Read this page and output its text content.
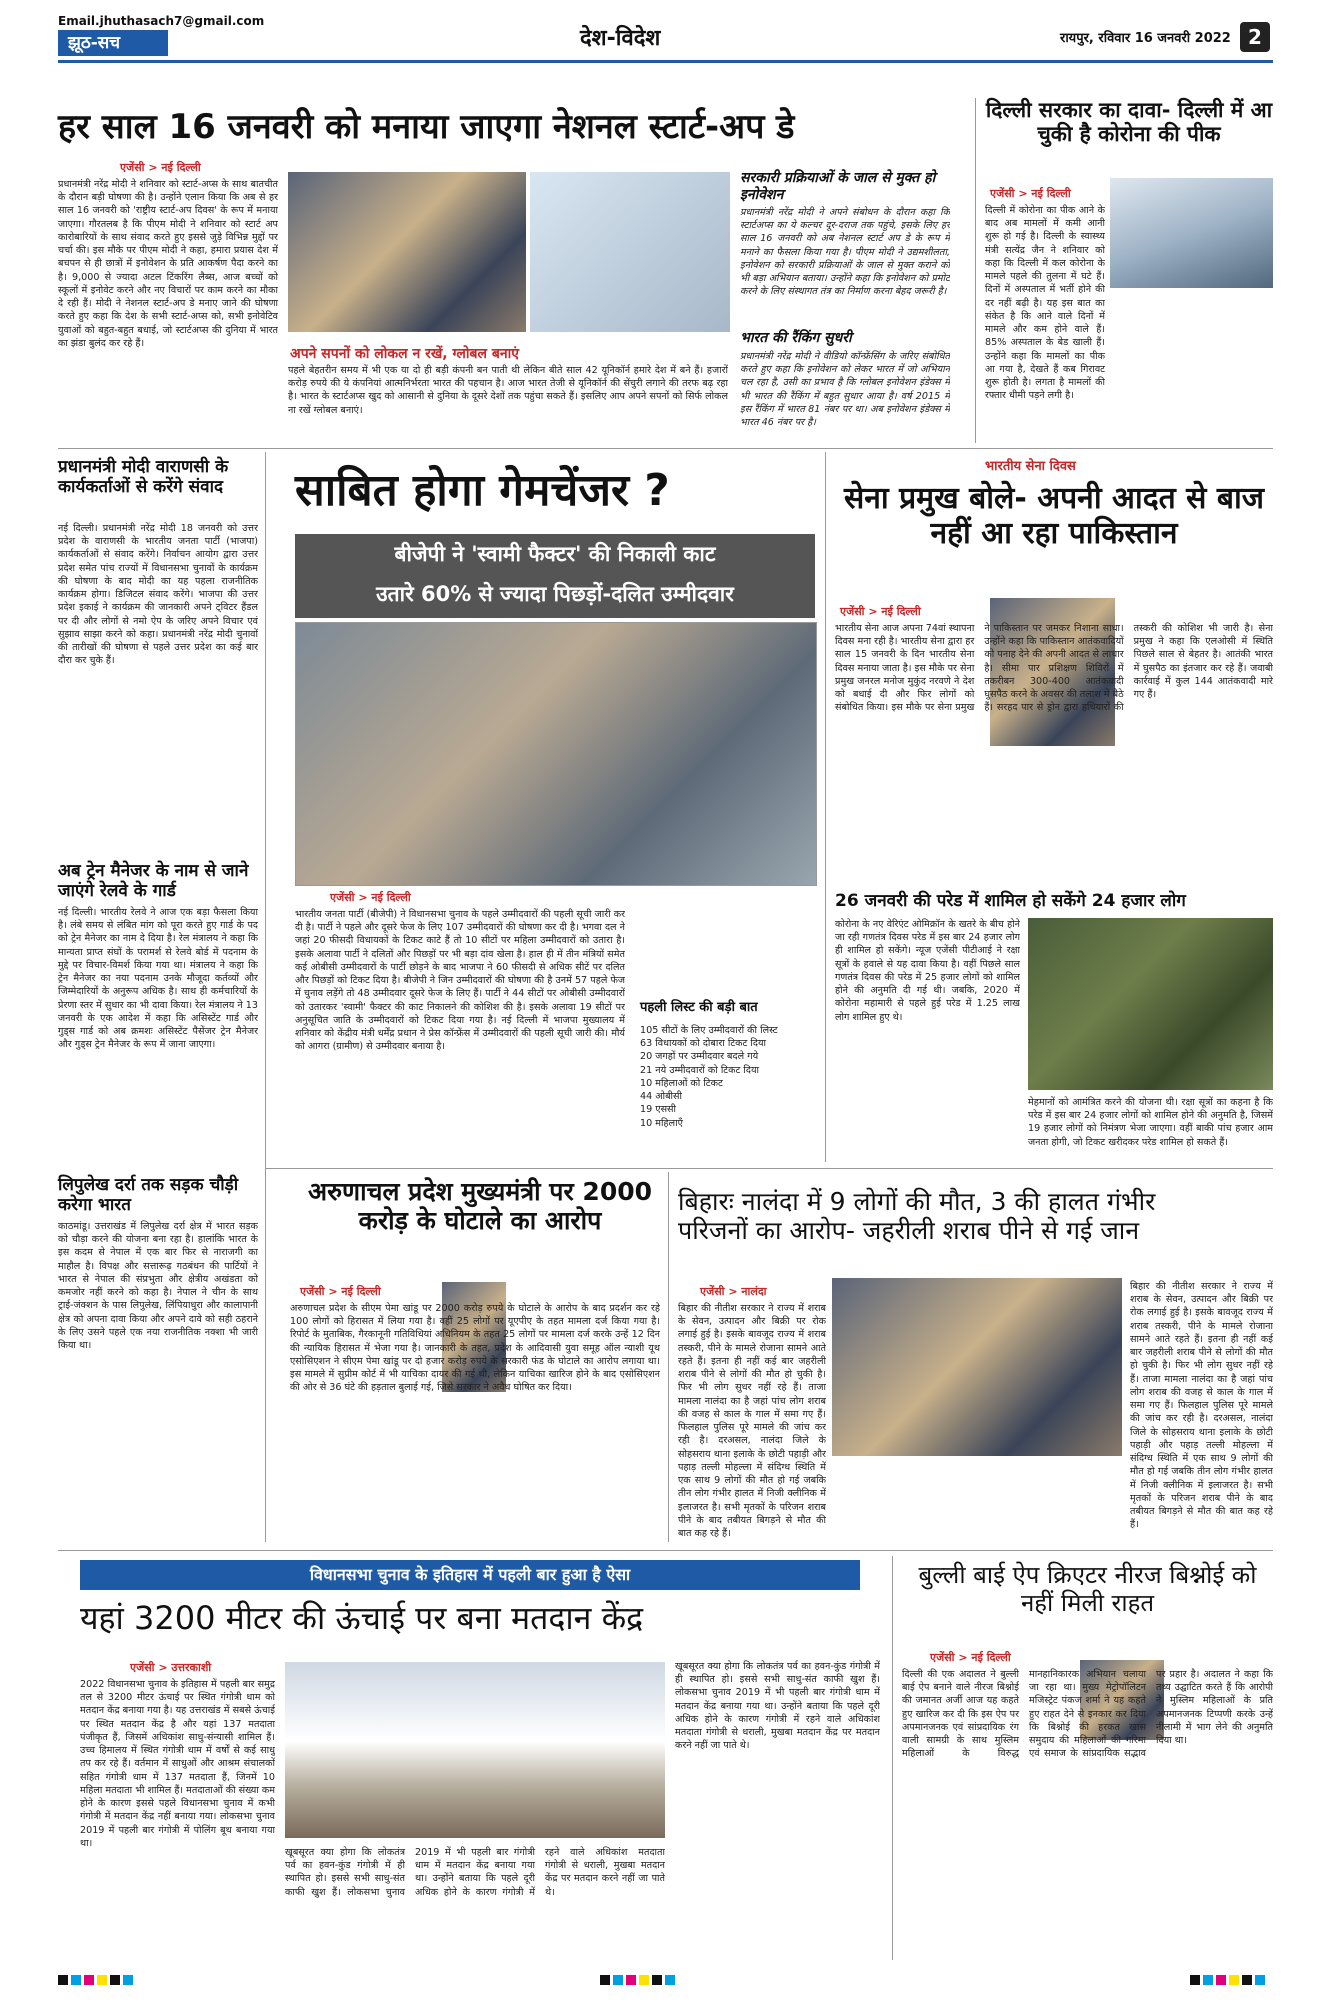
Email.jhuthasach7@gmail.com
झूठ-सच	देश-विदेश	रायपुर, रविवार 16 जनवरी 2022 2
हर साल 16 जनवरी को मनाया जाएगा नेशनल स्टार्ट-अप डे
एजेंसी > नई दिल्ली
प्रधानमंत्री नरेंद्र मोदी ने शनिवार को स्टार्ट-अप्स के साथ बातचीत के दौरान बड़ी घोषणा की है। उन्होंने एलान किया कि अब से हर साल 16 जनवरी को 'राष्ट्रीय स्टार्ट-अप दिवस' के रूप में मनाया जाएगा। गौरतलब है कि पीएम मोदी ने शनिवार को स्टार्ट अप कारोबारियों के साथ संवाद करते हुए इससे जुड़े विभिन्न मुद्दों पर चर्चा की। इस मौके पर पीएम मोदी ने कहा, हमारा प्रयास देश में बचपन से ही छात्रों में इनोवेशन के प्रति आकर्षण पैदा करने का है। 9,000 से ज्यादा अटल टिंकरिंग लैब्स, आज बच्चों को स्कूलों में इनोवेट करने और नए विचारों पर काम करने का मौका दे रही हैं। मोदी ने नेशनल स्टार्ट-अप डे मनाए जाने की घोषणा करते हुए कहा कि देश के सभी स्टार्ट-अप्स को, सभी इनोवेटिव युवाओं को बहुत-बहुत बधाई, जो स्टार्टअप्स की दुनिया में भारत का झंडा बुलंद कर रहे हैं।
अपने सपनों को लोकल न रखें, ग्लोबल बनाएं
पहले बेहतरीन समय में भी एक या दो ही बड़ी कंपनी बन पाती थी लेकिन बीते साल 42 यूनिकॉर्न हमारे देश में बने हैं। हजारों करोड़ रुपये की ये कंपनियां आत्मनिर्भरता भारत की पहचान है। आज भारत तेजी से यूनिकॉर्न की सेंचुरी लगाने की तरफ बढ़ रहा है। भारत के स्टार्टअप्स खुद को आसानी से दुनिया के दूसरे देशों तक पहुंचा सकते हैं। इसलिए आप अपने सपनों को सिर्फ लोकल ना रखें ग्लोबल बनाएं।
सरकारी प्रक्रियाओं के जाल से मुक्त हो इनोवेशन
प्रधानमंत्री नरेंद्र मोदी ने अपने संबोधन के दौरान कहा कि स्टार्टअप्स का ये कल्चर दूर-दराज तक पहुंचे, इसके लिए हर साल 16 जनवरी को अब नेशनल स्टार्ट अप डे के रूप में मनाने का फैसला किया गया है। पीएम मोदी ने उद्यमशीलता, इनोवेशन को सरकारी प्रक्रियाओं के जाल से मुक्त कराने को भी बड़ा अभियान बताया। उन्होंने कहा कि इनोवेशन को प्रमोट करने के लिए संस्थागत तंत्र का निर्माण करना बेहद जरूरी है।
भारत की रैंकिंग सुधरी
प्रधानमंत्री नरेंद्र मोदी ने वीडियो कॉन्फ्रेंसिंग के जरिए संबोधित करते हुए कहा कि इनोवेशन को लेकर भारत में जो अभियान चल रहा है, उसी का प्रभाव है कि ग्लोबल इनोवेशन इंडेक्स में भी भारत की रैंकिंग में बहुत सुधार आया है। वर्ष 2015 में इस रैंकिंग में भारत 81 नंबर पर था। अब इनोवेशन इंडेक्स में भारत 46 नंबर पर है।
दिल्ली सरकार का दावा- दिल्ली में आ चुकी है कोरोना की पीक
एजेंसी > नई दिल्ली
दिल्ली में कोरोना का पीक आने के बाद अब मामलों में कमी आनी शुरू हो गई है। दिल्ली के स्वास्थ्य मंत्री सत्येंद्र जैन ने शनिवार को कहा कि दिल्ली में कल कोरोना के मामले पहले की तुलना में घटे हैं। दिनों में अस्पताल में भर्ती होने की दर नहीं बढ़ी है। यह इस बात का संकेत है कि आने वाले दिनों में मामले और कम होने वाले हैं। 85% अस्पताल के बेड खाली हैं। उन्होंने कहा कि मामलों का पीक आ गया है, देखते हैं कब गिरावट शुरू होती है। लगता है मामलों की रफ्तार धीमी पड़ने लगी है।
प्रधानमंत्री मोदी वाराणसी के कार्यकर्ताओं से करेंगे संवाद
नई दिल्ली। प्रधानमंत्री नरेंद्र मोदी 18 जनवरी को उत्तर प्रदेश के वाराणसी के भारतीय जनता पार्टी (भाजपा) कार्यकर्ताओं से संवाद करेंगे। निर्वाचन आयोग द्वारा उत्तर प्रदेश समेत पांच राज्यों में विधानसभा चुनावों के कार्यक्रम की घोषणा के बाद मोदी का यह पहला राजनीतिक कार्यक्रम होगा। डिजिटल संवाद करेंगे। भाजपा की उत्तर प्रदेश इकाई ने कार्यक्रम की जानकारी अपने ट्विटर हैंडल पर दी और लोगों से नमो ऐप के जरिए अपने विचार एवं सुझाव साझा करने को कहा। प्रधानमंत्री नरेंद्र मोदी चुनावों की तारीखों की घोषणा से पहले उत्तर प्रदेश का कई बार दौरा कर चुके हैं।
अब ट्रेन मैनेजर के नाम से जाने जाएंगे रेलवे के गार्ड
नई दिल्ली। भारतीय रेलवे ने आज एक बड़ा फैसला किया है। लंबे समय से लंबित मांग को पूरा करते हुए गार्ड के पद को ट्रेन मैनेजर का नाम दे दिया है। रेल मंत्रालय ने कहा कि मान्यता प्राप्त संघों के परामर्श से रेलवे बोर्ड में पदनाम के मुद्दे पर विचार-विमर्श किया गया था। मंत्रालय ने कहा कि ट्रेन मैनेजर का नया पदनाम उनके मौजूदा कर्तव्यों और जिम्मेदारियों के अनुरूप अधिक है। साथ ही कर्मचारियों के प्रेरणा स्तर में सुधार का भी दावा किया। रेल मंत्रालय ने 13 जनवरी के एक आदेश में कहा कि असिस्टेंट गार्ड और गुड्स गार्ड को अब क्रमशः असिस्टेंट पैसेंजर ट्रेन मैनेजर और गुड्स ट्रेन मैनेजर के रूप में जाना जाएगा।
लिपुलेख दर्रा तक सड़क चौड़ी करेगा भारत
काठमांडू। उत्तराखंड में लिपुलेख दर्रा क्षेत्र में भारत सड़क को चौड़ा करने की योजना बना रहा है। हालांकि भारत के इस कदम से नेपाल में एक बार फिर से नाराजगी का माहौल है। विपक्ष और सत्तारूढ़ गठबंधन की पार्टियों ने भारत से नेपाल की संप्रभुता और क्षेत्रीय अखंडता को कमजोर नहीं करने को कहा है। नेपाल ने चीन के साथ ट्राई-जंक्शन के पास लिपुलेख, लिंपियाधुरा और कालापानी क्षेत्र को अपना दावा किया और अपने दावे को सही ठहराने के लिए उसने पहले एक नया राजनीतिक नक्शा भी जारी किया था।
साबित होगा गेमचेंजर ?
बीजेपी ने 'स्वामी फैक्टर' की निकाली काट
उतारे 60% से ज्यादा पिछड़ों-दलित उम्मीदवार
एजेंसी > नई दिल्ली
भारतीय जनता पार्टी (बीजेपी) ने विधानसभा चुनाव के पहले उम्मीदवारों की पहली सूची जारी कर दी है। पार्टी ने पहले और दूसरे फेज के लिए 107 उम्मीदवारों की घोषणा कर दी है। भगवा दल ने जहां 20 फीसदी विधायकों के टिकट काटे हैं तो 10 सीटों पर महिला उम्मीदवारों को उतारा है। इसके अलावा पार्टी ने दलितों और पिछड़ों पर भी बड़ा दांव खेला है। हाल ही में तीन मंत्रियों समेत कई ओबीसी उम्मीदवारों के पार्टी छोड़ने के बाद भाजपा ने 60 फीसदी से अधिक सीटें पर दलित और पिछड़ों को टिकट दिया है। बीजेपी ने जिन उम्मीदवारों की घोषणा की है उनमें 57 पहले फेज में चुनाव लड़ेंगे तो 48 उम्मीदवार दूसरे फेज के लिए हैं। पार्टी ने 44 सीटों पर ओबीसी उम्मीदवारों को उतारकर 'स्वामी' फैक्टर की काट निकालने की कोशिश की है। इसके अलावा 19 सीटों पर अनुसूचित जाति के उम्मीदवारों को टिकट दिया गया है। नई दिल्ली में भाजपा मुख्यालय में शनिवार को केंद्रीय मंत्री धर्मेंद्र प्रधान ने प्रेस कॉन्फ्रेंस में उम्मीदवारों की पहली सूची जारी की। मौर्य को आगरा (ग्रामीण) से उम्मीदवार बनाया है।
पहली लिस्ट की बड़ी बात
105 सीटों के लिए उम्मीदवारों की लिस्ट
63 विधायकों को दोबारा टिकट दिया
20 जगहों पर उम्मीदवार बदले गये
21 नये उम्मीदवारों को टिकट दिया
10 महिलाओं को टिकट
44 ओबीसी
19 एससी
10 महिलाएँ
भारतीय सेना दिवस
सेना प्रमुख बोले- अपनी आदत से बाज नहीं आ रहा पाकिस्तान
एजेंसी > नई दिल्ली
भारतीय सेना आज अपना 74वां स्थापना दिवस मना रही है। भारतीय सेना द्वारा हर साल 15 जनवरी के दिन भारतीय सेना दिवस मनाया जाता है। इस मौके पर सेना प्रमुख जनरल मनोज मुकुंद नरवणे ने देश को बधाई दी और फिर लोगों को संबोधित किया। इस मौके पर सेना प्रमुख ने पाकिस्तान पर जमकर निशाना साधा। उन्होंने कहा कि पाकिस्तान आतंकवादियों को पनाह देने की अपनी आदत से लाचार है। सीमा पार प्रशिक्षण शिविरों में तकरीबन 300-400 आतंकवादी घुसपैठ करने के अवसर की तलाश में बैठे हैं। सरहद पार से ड्रोन द्वारा हथियारों की तस्करी की कोशिश भी जारी है। सेना प्रमुख ने कहा कि एलओसी में स्थिति पिछले साल से बेहतर है। आतंकी भारत में घुसपैठ का इंतजार कर रहे हैं। जवाबी कार्रवाई में कुल 144 आतंकवादी मारे गए हैं।
26 जनवरी की परेड में शामिल हो सकेंगे 24 हजार लोग
कोरोना के नए वेरिएंट ओमिक्रॉन के खतरे के बीच होने जा रही गणतंत्र दिवस परेड में इस बार 24 हजार लोग ही शामिल हो सकेंगे। न्यूज एजेंसी पीटीआई ने रक्षा सूत्रों के हवाले से यह दावा किया है। वहीं पिछले साल गणतंत्र दिवस की परेड में 25 हजार लोगों को शामिल होने की अनुमति दी गई थी। जबकि, 2020 में कोरोना महामारी से पहले हुई परेड में 1.25 लाख लोग शामिल हुए थे।
मेहमानों को आमंत्रित करने की योजना थी। रक्षा सूत्रों का कहना है कि परेड में इस बार 24 हजार लोगों को शामिल होने की अनुमति है, जिसमें 19 हजार लोगों को निमंत्रण भेजा जाएगा। वहीं बाकी पांच हजार आम जनता होगी, जो टिकट खरीदकर परेड शामिल हो सकते हैं।
अरुणाचल प्रदेश मुख्यमंत्री पर 2000 करोड़ के घोटाले का आरोप
एजेंसी > नई दिल्ली
अरुणाचल प्रदेश के सीएम पेमा खांडू पर 2000 करोड़ रुपये के घोटाले के आरोप के बाद प्रदर्शन कर रहे 100 लोगों को हिरासत में लिया गया है। वहीं 25 लोगों पर यूएपीए के तहत मामला दर्ज किया गया है। रिपोर्ट के मुताबिक, गैरकानूनी गतिविधियां अधिनियम के तहत 25 लोगों पर मामला दर्ज करके उन्हें 12 दिन की न्यायिक हिरासत में भेजा गया है। जानकारी के तहत, प्रदेश के आदिवासी युवा समूह ऑल न्याशी यूथ एसोसिएशन ने सीएम पेमा खांडू पर दो हजार करोड़ रुपये के सरकारी फंड के घोटाले का आरोप लगाया था। इस मामले में सुप्रीम कोर्ट में भी याचिका दायर की गई थी, लेकिन याचिका खारिज होने के बाद एसोसिएशन की ओर से 36 घंटे की हड़ताल बुलाई गई, जिसे सरकार ने अवैध घोषित कर दिया।
बिहारः नालंदा में 9 लोगों की मौत, 3 की हालत गंभीर
परिजनों का आरोप- जहरीली शराब पीने से गई जान
एजेंसी > नालंदा
बिहार की नीतीश सरकार ने राज्य में शराब के सेवन, उत्पादन और बिक्री पर रोक लगाई हुई है। इसके बावजूद राज्य में शराब तस्करी, पीने के मामले रोजाना सामने आते रहते हैं। इतना ही नहीं कई बार जहरीली शराब पीने से लोगों की मौत हो चुकी है। फिर भी लोग सुधर नहीं रहे हैं। ताजा मामला नालंदा का है जहां पांच लोग शराब की वजह से काल के गाल में समा गए हैं। फिलहाल पुलिस पूरे मामले की जांच कर रही है। दरअसल, नालंदा जिले के सोहसराय थाना इलाके के छोटी पहाड़ी और पहाड़ तल्ली मोहल्ला में संदिग्ध स्थिति में एक साथ 9 लोगों की मौत हो गई जबकि तीन लोग गंभीर हालत में निजी क्लीनिक में इलाजरत है। सभी मृतकों के परिजन शराब पीने के बाद तबीयत बिगड़ने से मौत की बात कह रहे हैं।
बिहार की नीतीश सरकार ने राज्य में शराब के सेवन, उत्पादन और बिक्री पर रोक लगाई हुई है। इसके बावजूद राज्य में शराब तस्करी, पीने के मामले रोजाना सामने आते रहते हैं। इतना ही नहीं कई बार जहरीली शराब पीने से लोगों की मौत हो चुकी है। फिर भी लोग सुधर नहीं रहे हैं। ताजा मामला नालंदा का है जहां पांच लोग शराब की वजह से काल के गाल में समा गए हैं। फिलहाल पुलिस पूरे मामले की जांच कर रही है। दरअसल, नालंदा जिले के सोहसराय थाना इलाके के छोटी पहाड़ी और पहाड़ तल्ली मोहल्ला में संदिग्ध स्थिति में एक साथ 9 लोगों की मौत हो गई जबकि तीन लोग गंभीर हालत में निजी क्लीनिक में इलाजरत है। सभी मृतकों के परिजन शराब पीने के बाद तबीयत बिगड़ने से मौत की बात कह रहे हैं।
विधानसभा चुनाव के इतिहास में पहली बार हुआ है ऐसा
यहां 3200 मीटर की ऊंचाई पर बना मतदान केंद्र
एजेंसी > उत्तरकाशी
2022 विधानसभा चुनाव के इतिहास में पहली बार समुद्र तल से 3200 मीटर ऊंचाई पर स्थित गंगोत्री धाम को मतदान केंद्र बनाया गया है। यह उत्तराखंड में सबसे ऊंचाई पर स्थित मतदान केंद्र है और यहां 137 मतदाता पंजीकृत हैं, जिसमें अधिकांश साधु-संन्यासी शामिल हैं। उच्च हिमालय में स्थित गंगोत्री धाम में वर्षों से कई साधु तप कर रहे हैं। वर्तमान में साधुओं और आश्रम संचालकों सहित गंगोत्री धाम में 137 मतदाता हैं, जिनमें 10 महिला मतदाता भी शामिल हैं। मतदाताओं की संख्या कम होने के कारण इससे पहले विधानसभा चुनाव में कभी गंगोत्री में मतदान केंद्र नहीं बनाया गया। लोकसभा चुनाव 2019 में पहली बार गंगोत्री में पोलिंग बूथ बनाया गया था।
खूबसूरत क्या होगा कि लोकतंत्र पर्व का हवन-कुंड गंगोत्री में ही स्थापित हो। इससे सभी साधु-संत काफी खुश हैं। लोकसभा चुनाव 2019 में भी पहली बार गंगोत्री धाम में मतदान केंद्र बनाया गया था। उन्होंने बताया कि पहले दूरी अधिक होने के कारण गंगोत्री में रहने वाले अधिकांश मतदाता गंगोत्री से धराली, मुखबा मतदान केंद्र पर मतदान करने नहीं जा पाते थे।
खूबसूरत क्या होगा कि लोकतंत्र पर्व का हवन-कुंड गंगोत्री में ही स्थापित हो। इससे सभी साधु-संत काफी खुश हैं। लोकसभा चुनाव 2019 में भी पहली बार गंगोत्री धाम में मतदान केंद्र बनाया गया था। उन्होंने बताया कि पहले दूरी अधिक होने के कारण गंगोत्री में रहने वाले अधिकांश मतदाता गंगोत्री से धराली, मुखबा मतदान केंद्र पर मतदान करने नहीं जा पाते थे।
बुल्ली बाई ऐप क्रिएटर नीरज बिश्नोई को नहीं मिली राहत
एजेंसी > नई दिल्ली
दिल्ली की एक अदालत ने बुल्ली बाई ऐप बनाने वाले नीरज बिश्नोई की जमानत अर्जी आज यह कहते हुए खारिज कर दी कि इस ऐप पर अपमानजनक एवं सांप्रदायिक रंग वाली सामग्री के साथ मुस्लिम महिलाओं के विरुद्ध मानहानिकारक अभियान चलाया जा रहा था। मुख्य मेट्रोपॉलिटन मजिस्ट्रेट पंकज शर्मा ने यह कहते हुए राहत देने से इनकार कर दिया कि बिश्नोई की हरकत खास समुदाय की महिलाओं की गरिमा एवं समाज के सांप्रदायिक सद्भाव पर प्रहार है। अदालत ने कहा कि तथ्य उद्घाटित करते हैं कि आरोपी ने मुस्लिम महिलाओं के प्रति अपमानजनक टिप्पणी करके उन्हें नीलामी में भाग लेने की अनुमति दिया था।
